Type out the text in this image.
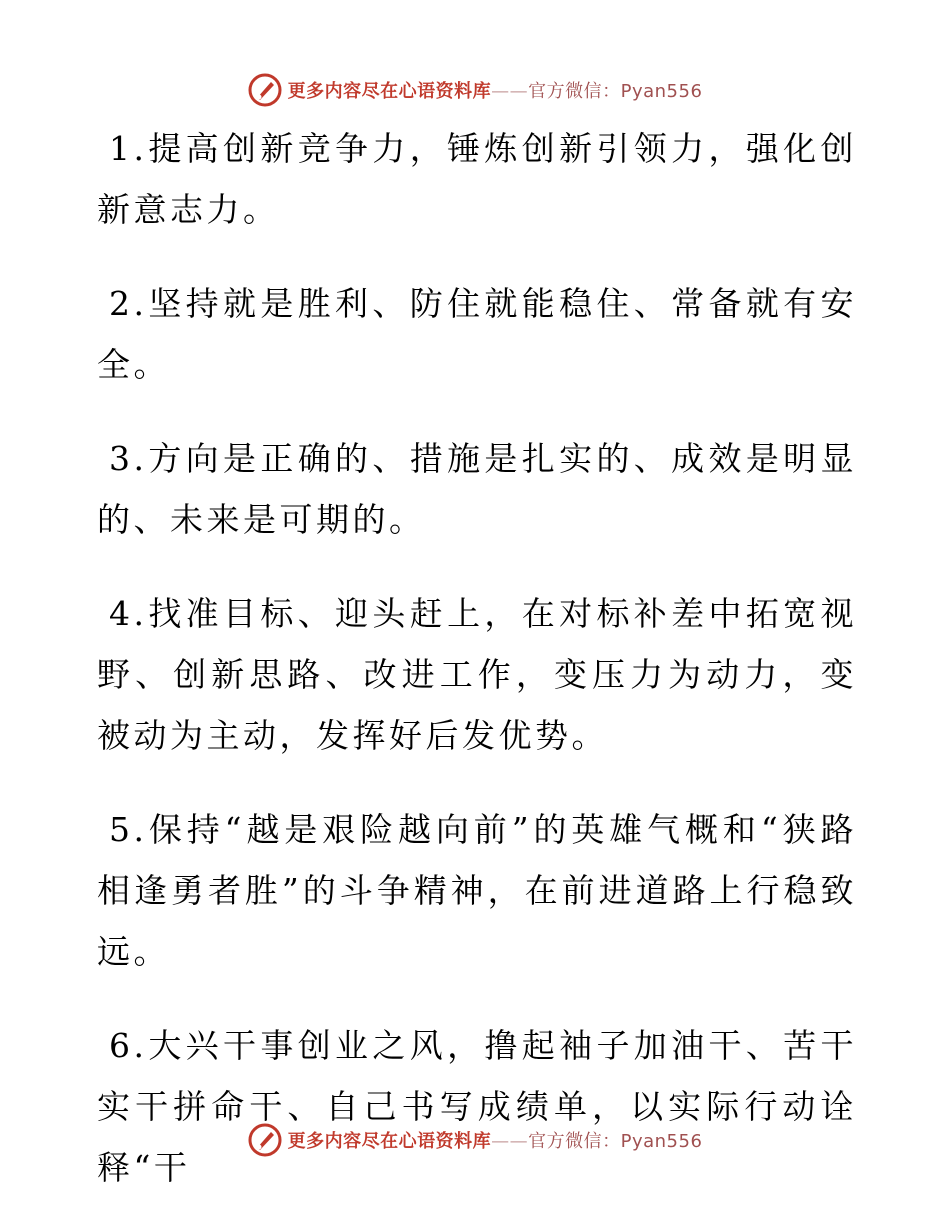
更多内容尽在心语资料库——官方微信：Pyan556

1.提高创新竞争力，锤炼创新引领力，强化创新意志力。

2.坚持就是胜利、防住就能稳住、常备就有安全。

3.方向是正确的、措施是扎实的、成效是明显的、未来是可期的。

4.找准目标、迎头赶上，在对标补差中拓宽视野、创新思路、改进工作，变压力为动力，变被动为主动，发挥好后发优势。

5.保持“越是艰险越向前”的英雄气概和“狭路相逢勇者胜”的斗争精神，在前进道路上行稳致远。

6.大兴干事创业之风，撸起袖子加油干、苦干实干拼命干、自己书写成绩单，以实际行动诠释“干

更多内容尽在心语资料库——官方微信：Pyan556
